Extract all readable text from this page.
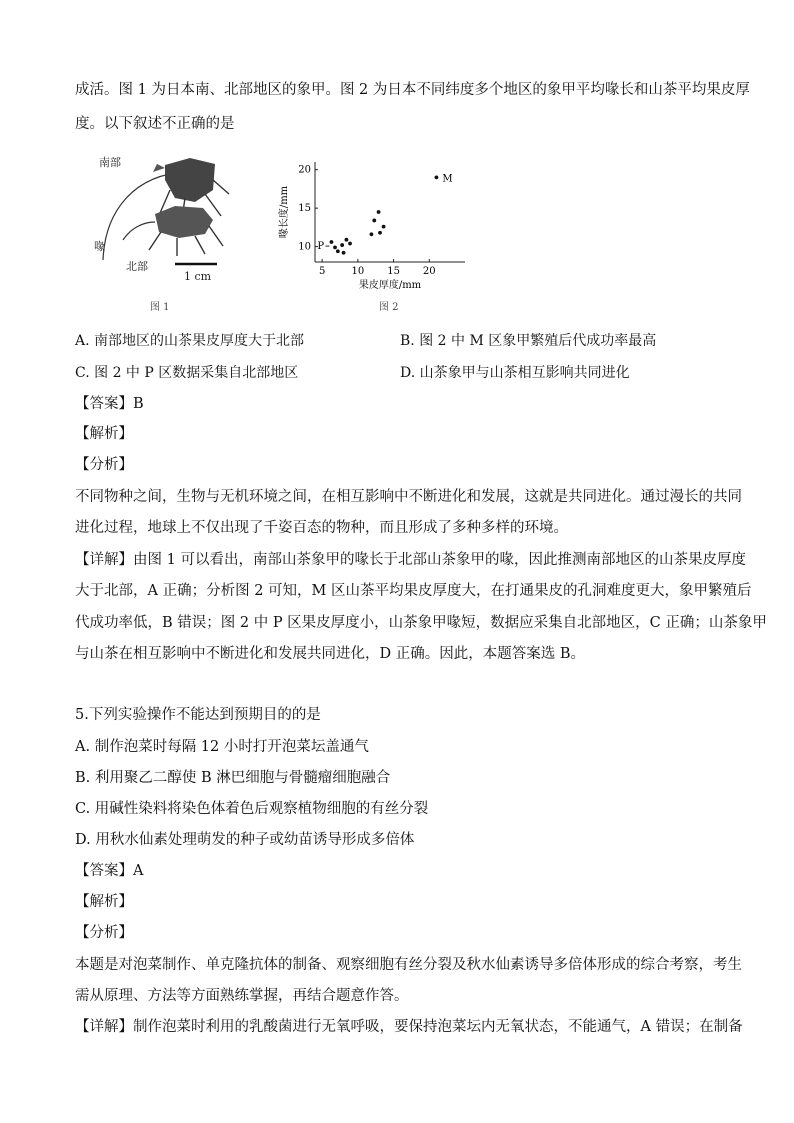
成活。图 1 为日本南、北部地区的象甲。图 2 为日本不同纬度多个地区的象甲平均喙长和山茶平均果皮厚
度。以下叙述不正确的是
南部
喙
北部
1 cm
图 1
5	10 15 20
10
15
20
M
P
果皮厚度/mm
喙长度/mm
图 2
A. 南部地区的山茶果皮厚度大于北部	B. 图 2 中 M 区象甲繁殖后代成功率最高
C. 图 2 中 P 区数据采集自北部地区	D. 山茶象甲与山茶相互影响共同进化
【答案】B
【解析】
【分析】
不同物种之间，生物与无机环境之间，在相互影响中不断进化和发展，这就是共同进化。通过漫长的共同
进化过程，地球上不仅出现了千姿百态的物种，而且形成了多种多样的环境。
【详解】由图 1 可以看出，南部山茶象甲的喙长于北部山茶象甲的喙，因此推测南部地区的山茶果皮厚度
大于北部，A 正确；分析图 2 可知，M 区山茶平均果皮厚度大，在打通果皮的孔洞难度更大，象甲繁殖后
代成功率低，B 错误；图 2 中 P 区果皮厚度小，山茶象甲喙短，数据应采集自北部地区，C 正确；山茶象甲
与山茶在相互影响中不断进化和发展共同进化，D 正确。因此，本题答案选 B。
5.下列实验操作不能达到预期目的的是
A. 制作泡菜时每隔 12 小时打开泡菜坛盖通气
B. 利用聚乙二醇使 B 淋巴细胞与骨髓瘤细胞融合
C. 用碱性染料将染色体着色后观察植物细胞的有丝分裂
D. 用秋水仙素处理萌发的种子或幼苗诱导形成多倍体
【答案】A
【解析】
【分析】
本题是对泡菜制作、单克隆抗体的制备、观察细胞有丝分裂及秋水仙素诱导多倍体形成的综合考察，考生
需从原理、方法等方面熟练掌握，再结合题意作答。
【详解】制作泡菜时利用的乳酸菌进行无氧呼吸，要保持泡菜坛内无氧状态，不能通气，A 错误；在制备
